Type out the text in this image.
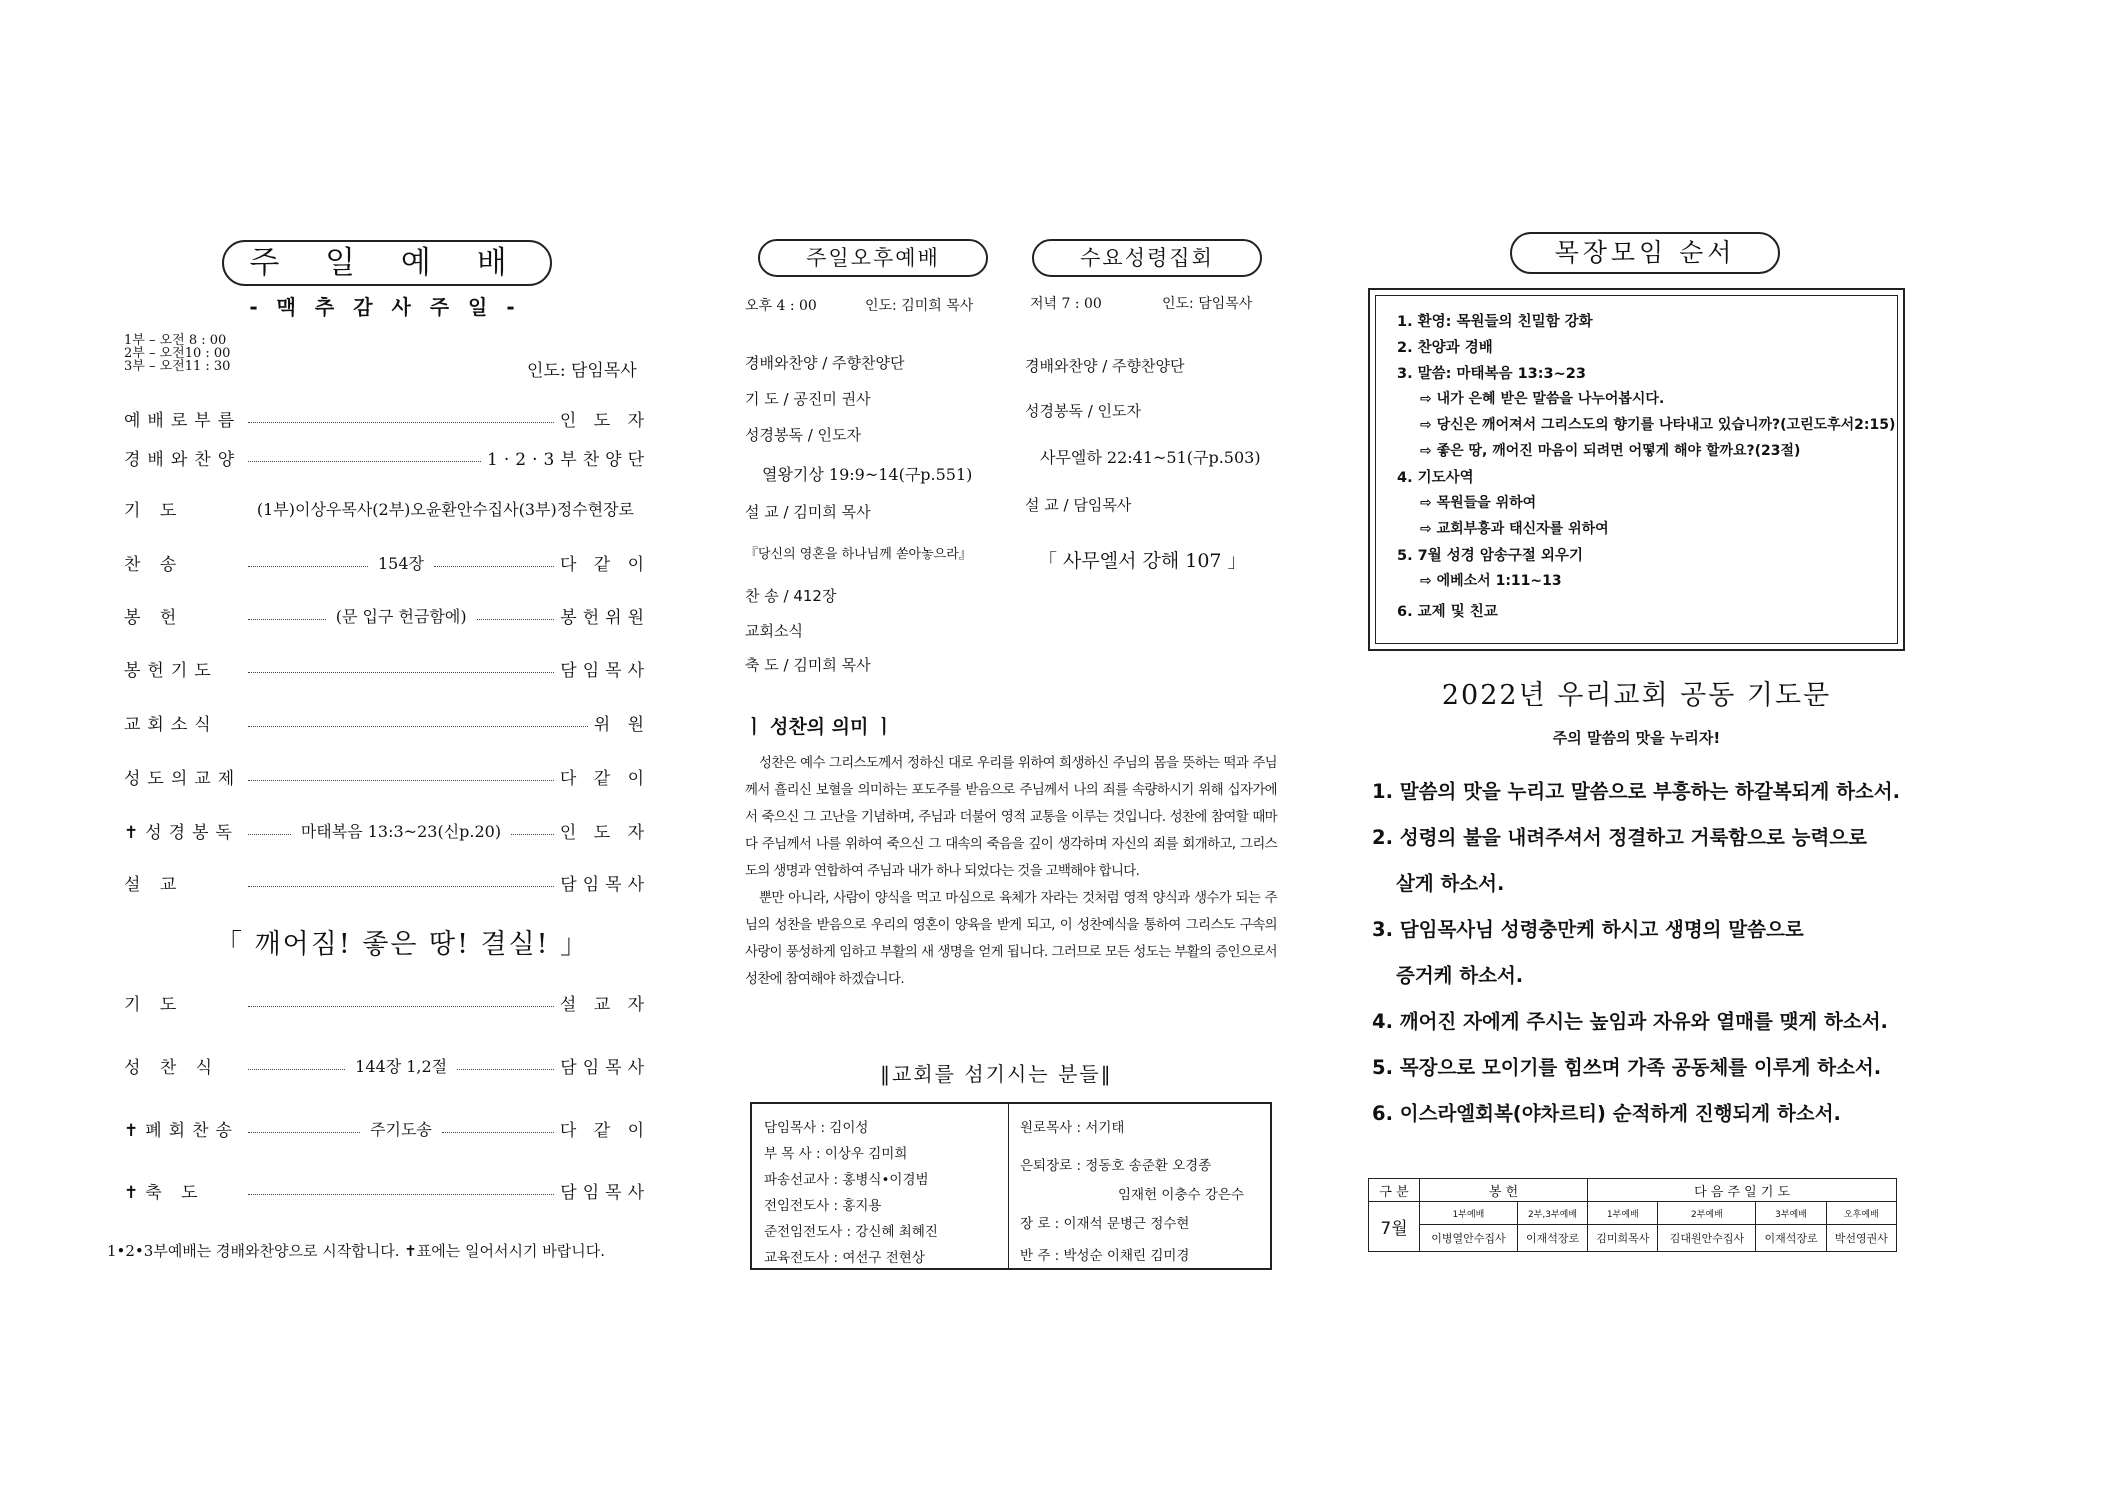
주 일 예 배
- 맥 추 감 사 주 일 -
1부 – 오전 8 : 00
2부 – 오전10 : 00
3부 – 오전11 : 30	인도: 담임목사
예배로부름	인 도 자
경배와찬양	1·2·3부찬양단
기 도	(1부)이상우목사(2부)오윤환안수집사(3부)정수현장로
찬 송	154장	다 같 이
봉 헌	(문 입구 헌금함에)	봉헌위원
봉헌기도	담임목사
교회소식	위 원
성도의교제	다 같 이
✝성경봉독	마태복음 13:3~23(신p.20)	인 도 자
설 교	담임목사
「 깨어짐! 좋은 땅! 결실! 」
기 도	설 교 자
성 찬 식	144장 1,2절	담임목사
✝폐회찬송	주기도송	다 같 이
✝축 도	담임목사
1•2•3부예배는 경배와찬양으로 시작합니다. ✝표에는 일어서시기 바랍니다.
주일오후예배	수요성령집회
오후 4 : 00	인도: 김미희 목사	저녁 7 : 00	인도: 담임목사
경배와찬양 / 주향찬양단
기 도 / 공진미 권사
성경봉독 / 인도자
열왕기상 19:9~14(구p.551)
설 교 / 김미희 목사
『당신의 영혼을 하나님께 쏟아놓으라』
찬 송 / 412장
교회소식
축 도 / 김미희 목사
경배와찬양 / 주향찬양단
성경봉독 / 인도자
사무엘하 22:41~51(구p.503)
설 교 / 담임목사
「 사무엘서 강해 107 」
ㅣ 성찬의 의미 ㅣ
성찬은 예수 그리스도께서 정하신 대로 우리를 위하여 희생하신 주님의 몸을 뜻하는 떡과 주님께서 흘리신 보혈을 의미하는 포도주를 받음으로 주님께서 나의 죄를 속량하시기 위해 십자가에서 죽으신 그 고난을 기념하며, 주님과 더불어 영적 교통을 이루는 것입니다. 성찬에 참여할 때마다 주님께서 나를 위하여 죽으신 그 대속의 죽음을 깊이 생각하며 자신의 죄를 회개하고, 그리스도의 생명과 연합하여 주님과 내가 하나 되었다는 것을 고백해야 합니다.
뿐만 아니라, 사람이 양식을 먹고 마심으로 육체가 자라는 것처럼 영적 양식과 생수가 되는 주님의 성찬을 받음으로 우리의 영혼이 양육을 받게 되고, 이 성찬예식을 통하여 그리스도 구속의 사랑이 풍성하게 임하고 부활의 새 생명을 얻게 됩니다. 그러므로 모든 성도는 부활의 증인으로서 성찬에 참여해야 하겠습니다.
‖교회를 섬기시는 분들‖
담임목사 : 김이성
부 목 사 : 이상우 김미희
파송선교사 : 홍병식•이경범
전임전도사 : 홍지용
준전임전도사 : 강신혜 최혜진
교육전도사 : 여선구 전현상
원로목사 : 서기태
은퇴장로 : 정동호 송준환 오경종
임재헌 이충수 강은수
장 로 : 이재석 문병근 정수현
반 주 : 박성순 이채린 김미경
목장모임 순서
1. 환영: 목원들의 친밀함 강화
2. 찬양과 경배
3. 말씀: 마태복음 13:3~23
⇨ 내가 은혜 받은 말씀을 나누어봅시다.
⇨ 당신은 깨어져서 그리스도의 향기를 나타내고 있습니까?(고린도후서2:15)
⇨ 좋은 땅, 깨어진 마음이 되려면 어떻게 해야 할까요?(23절)
4. 기도사역
⇨ 목원들을 위하여
⇨ 교회부흥과 태신자를 위하여
5. 7월 성경 암송구절 외우기
⇨ 에베소서 1:11~13
6. 교제 및 친교
2022년 우리교회 공동 기도문
주의 말씀의 맛을 누리자!
1. 말씀의 맛을 누리고 말씀으로 부흥하는 하갈복되게 하소서.
2. 성령의 불을 내려주셔서 정결하고 거룩함으로 능력으로
살게 하소서.
3. 담임목사님 성령충만케 하시고 생명의 말씀으로
증거케 하소서.
4. 깨어진 자에게 주시는 높임과 자유와 열매를 맺게 하소서.
5. 목장으로 모이기를 힘쓰며 가족 공동체를 이루게 하소서.
6. 이스라엘회복(야차르티) 순적하게 진행되게 하소서.
구 분	봉 헌		다 음 주 일 기 도			
7월	1부예배	2부,3부예배	1부예배	2부예배	3부예배	오후예배
	이병열안수집사	이재석장로	김미희목사	김대원안수집사	이재석장로	박선영권사
